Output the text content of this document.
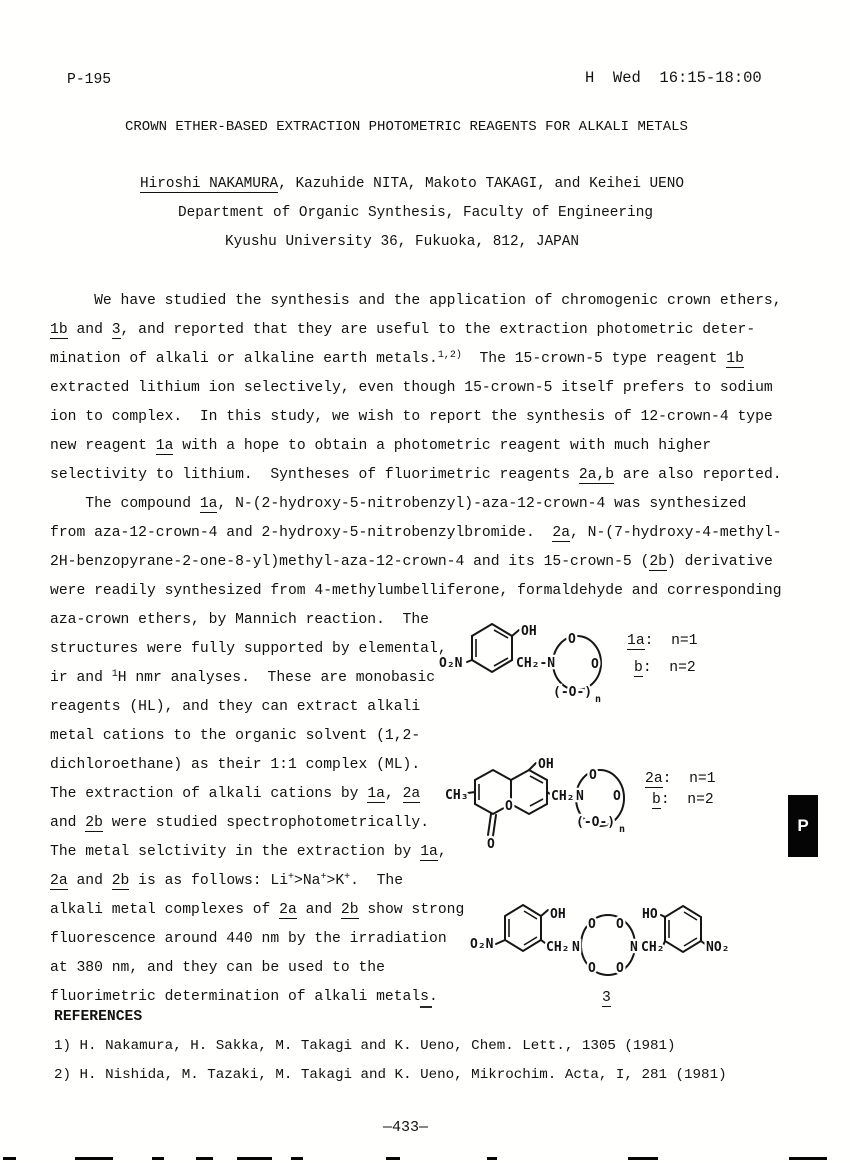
P-195	H  Wed  16:15-18:00
CROWN ETHER-BASED EXTRACTION PHOTOMETRIC REAGENTS FOR ALKALI METALS
Hiroshi NAKAMURA, Kazuhide NITA, Makoto TAKAGI, and Keihei UENO
Department of Organic Synthesis, Faculty of Engineering
Kyushu University 36, Fukuoka, 812, JAPAN
We have studied the synthesis and the application of chromogenic crown ethers,
1b and 3, and reported that they are useful to the extraction photometric deter-
mination of alkali or alkaline earth metals.$^{1,2)}$  The 15-crown-5 type reagent 1b
extracted lithium ion selectively, even though 15-crown-5 itself prefers to sodium
ion to complex.  In this study, we wish to report the synthesis of 12-crown-4 type
new reagent 1a with a hope to obtain a photometric reagent with much higher
selectivity to lithium.  Syntheses of fluorimetric reagents 2a,b are also reported.
The compound 1a, N-(2-hydroxy-5-nitrobenzyl)-aza-12-crown-4 was synthesized
from aza-12-crown-4 and 2-hydroxy-5-nitrobenzylbromide.  2a, N-(7-hydroxy-4-methyl-
2H-benzopyrane-2-one-8-yl)methyl-aza-12-crown-4 and its 15-crown-5 (2b) derivative
were readily synthesized from 4-methylumbelliferone, formaldehyde and corresponding
aza-crown ethers, by Mannich reaction.  The
structures were fully supported by elemental,
ir and $^1$H nmr analyses.  These are monobasic
reagents (HL), and they can extract alkali
metal cations to the organic solvent (1,2-
dichloroethane) as their 1:1 complex (ML).
The extraction of alkali cations by 1a, 2a
and 2b were studied spectrophotometrically.
The metal selctivity in the extraction by 1a,
2a and 2b is as follows: Li+>Na+>K+.  The
alkali metal complexes of 2a and 2b show strong
fluorescence around 440 nm by the irradiation
at 380 nm, and they can be used to the
fluorimetric determination of alkali metals.
1a:  n=1
b:  n=2
2a:  n=1
b:  n=2
3
REFERENCES
1) H. Nakamura, H. Sakka, M. Takagi and K. Ueno, Chem. Lett., 1305 (1981)
2) H. Nishida, M. Tazaki, M. Takagi and K. Ueno, Mikrochim. Acta, I, 281 (1981)
—433—
O₂N
OH
CH₂-N
O
O
(-O-) n
CH₃
O
O
OH
CH₂ N
O
O
(-O-) n
O₂N
OH
CH₂ N
O O
O O
N CH₂
HO
NO₂
P
